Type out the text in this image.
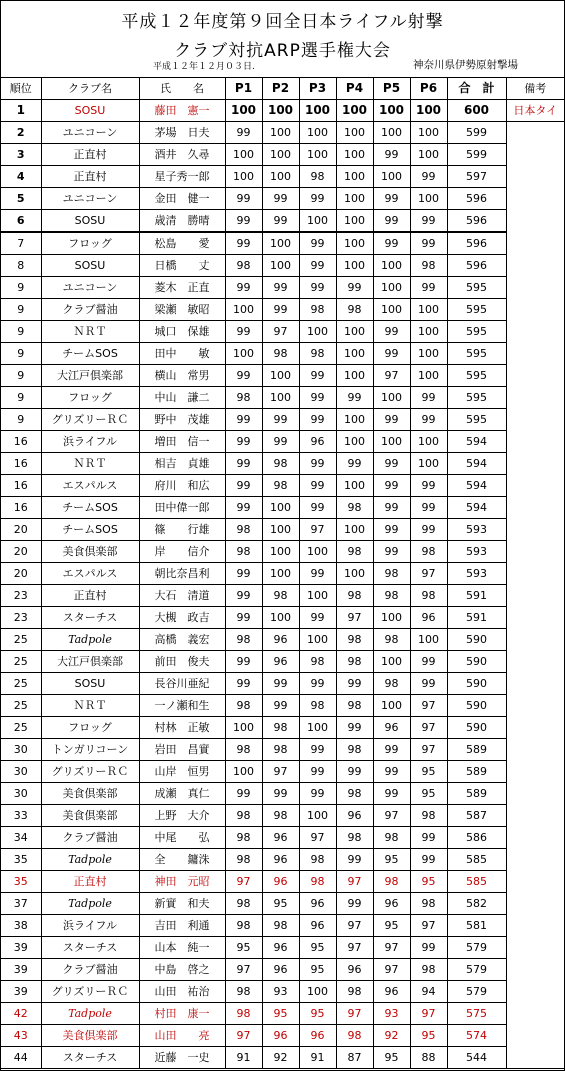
平成１２年度第９回全日本ライフル射撃
クラブ対抗ARP選手権大会
平成１２年１２月０３日.	神奈川県伊勢原射撃場
順位	クラブ名	氏　　名	P1	P2	P3	P4	P5	P6	合　計	備考
1	SOSU	藤田　憲一	100	100	100	100	100	100	600	日本タイ
2	ユニコーン	茅場　日夫	99	100	100	100	100	100	599	
3	正直村	酒井　久尋	100	100	100	100	99	100	599	
4	正直村	星子秀一郎	100	100	98	100	100	99	597	
5	ユニコーン	金田　健一	99	99	99	100	99	100	596	
6	SOSU	歳清　勝晴	99	99	100	100	99	99	596	
7	フロッグ	松島　　愛	99	100	99	100	99	99	596	
8	SOSU	日橋　　丈	98	100	99	100	100	98	596	
9	ユニコーン	菱木　正直	99	99	99	99	100	99	595	
9	クラブ醤油	梁瀬　敏昭	100	99	98	98	100	100	595	
9	ＮＲＴ	城口　保雄	99	97	100	100	99	100	595	
9	チームSOS	田中　　敏	100	98	98	100	99	100	595	
9	大江戸倶楽部	横山　常男	99	100	99	100	97	100	595	
9	フロッグ	中山　謙二	98	100	99	99	100	99	595	
9	グリズリーＲＣ	野中　茂雄	99	99	99	100	99	99	595	
16	浜ライフル	増田　信一	99	99	96	100	100	100	594	
16	ＮＲＴ	相吉　貞雄	99	98	99	99	99	100	594	
16	エスパルス	府川　和広	99	98	99	100	99	99	594	
16	チームSOS	田中偉一郎	99	100	99	98	99	99	594	
20	チームSOS	篠　　行雄	98	100	97	100	99	99	593	
20	美食倶楽部	岸　　信介	98	100	100	98	99	98	593	
20	エスパルス	朝比奈昌利	99	100	99	100	98	97	593	
23	正直村	大石　清道	99	98	100	98	98	98	591	
23	スターチス	大槻　政吉	99	100	99	97	100	96	591	
25	Tadpole	高橋　義宏	98	96	100	98	98	100	590	
25	大江戸倶楽部	前田　俊夫	99	96	98	98	100	99	590	
25	SOSU	長谷川亜紀	99	99	99	99	98	99	590	
25	ＮＲＴ	一ノ瀬和生	98	99	98	98	100	97	590	
25	フロッグ	村林　正敏	100	98	100	99	96	97	590	
30	トンガリコーン	岩田　昌實	98	98	99	98	99	97	589	
30	グリズリーＲＣ	山岸　恒男	100	97	99	99	99	95	589	
30	美食倶楽部	成瀬　真仁	99	99	99	98	99	95	589	
33	美食倶楽部	上野　大介	98	98	100	96	97	98	587	
34	クラブ醤油	中尾　　弘	98	96	97	98	98	99	586	
35	Tadpole	全　　鏞洙	98	96	98	99	95	99	585	
35	正直村	神田　元昭	97	96	98	97	98	95	585	
37	Tadpole	新實　和夫	98	95	96	99	96	98	582	
38	浜ライフル	吉田　利通	98	98	96	97	95	97	581	
39	スターチス	山本　純一	95	96	95	97	97	99	579	
39	クラブ醤油	中島　啓之	97	96	95	96	97	98	579	
39	グリズリーＲＣ	山田　祐治	98	93	100	98	96	94	579	
42	Tadpole	村田　康一	98	95	95	97	93	97	575	
43	美食倶楽部	山田　　亮	97	96	96	98	92	95	574	
44	スターチス	近藤　一史	91	92	91	87	95	88	544	
